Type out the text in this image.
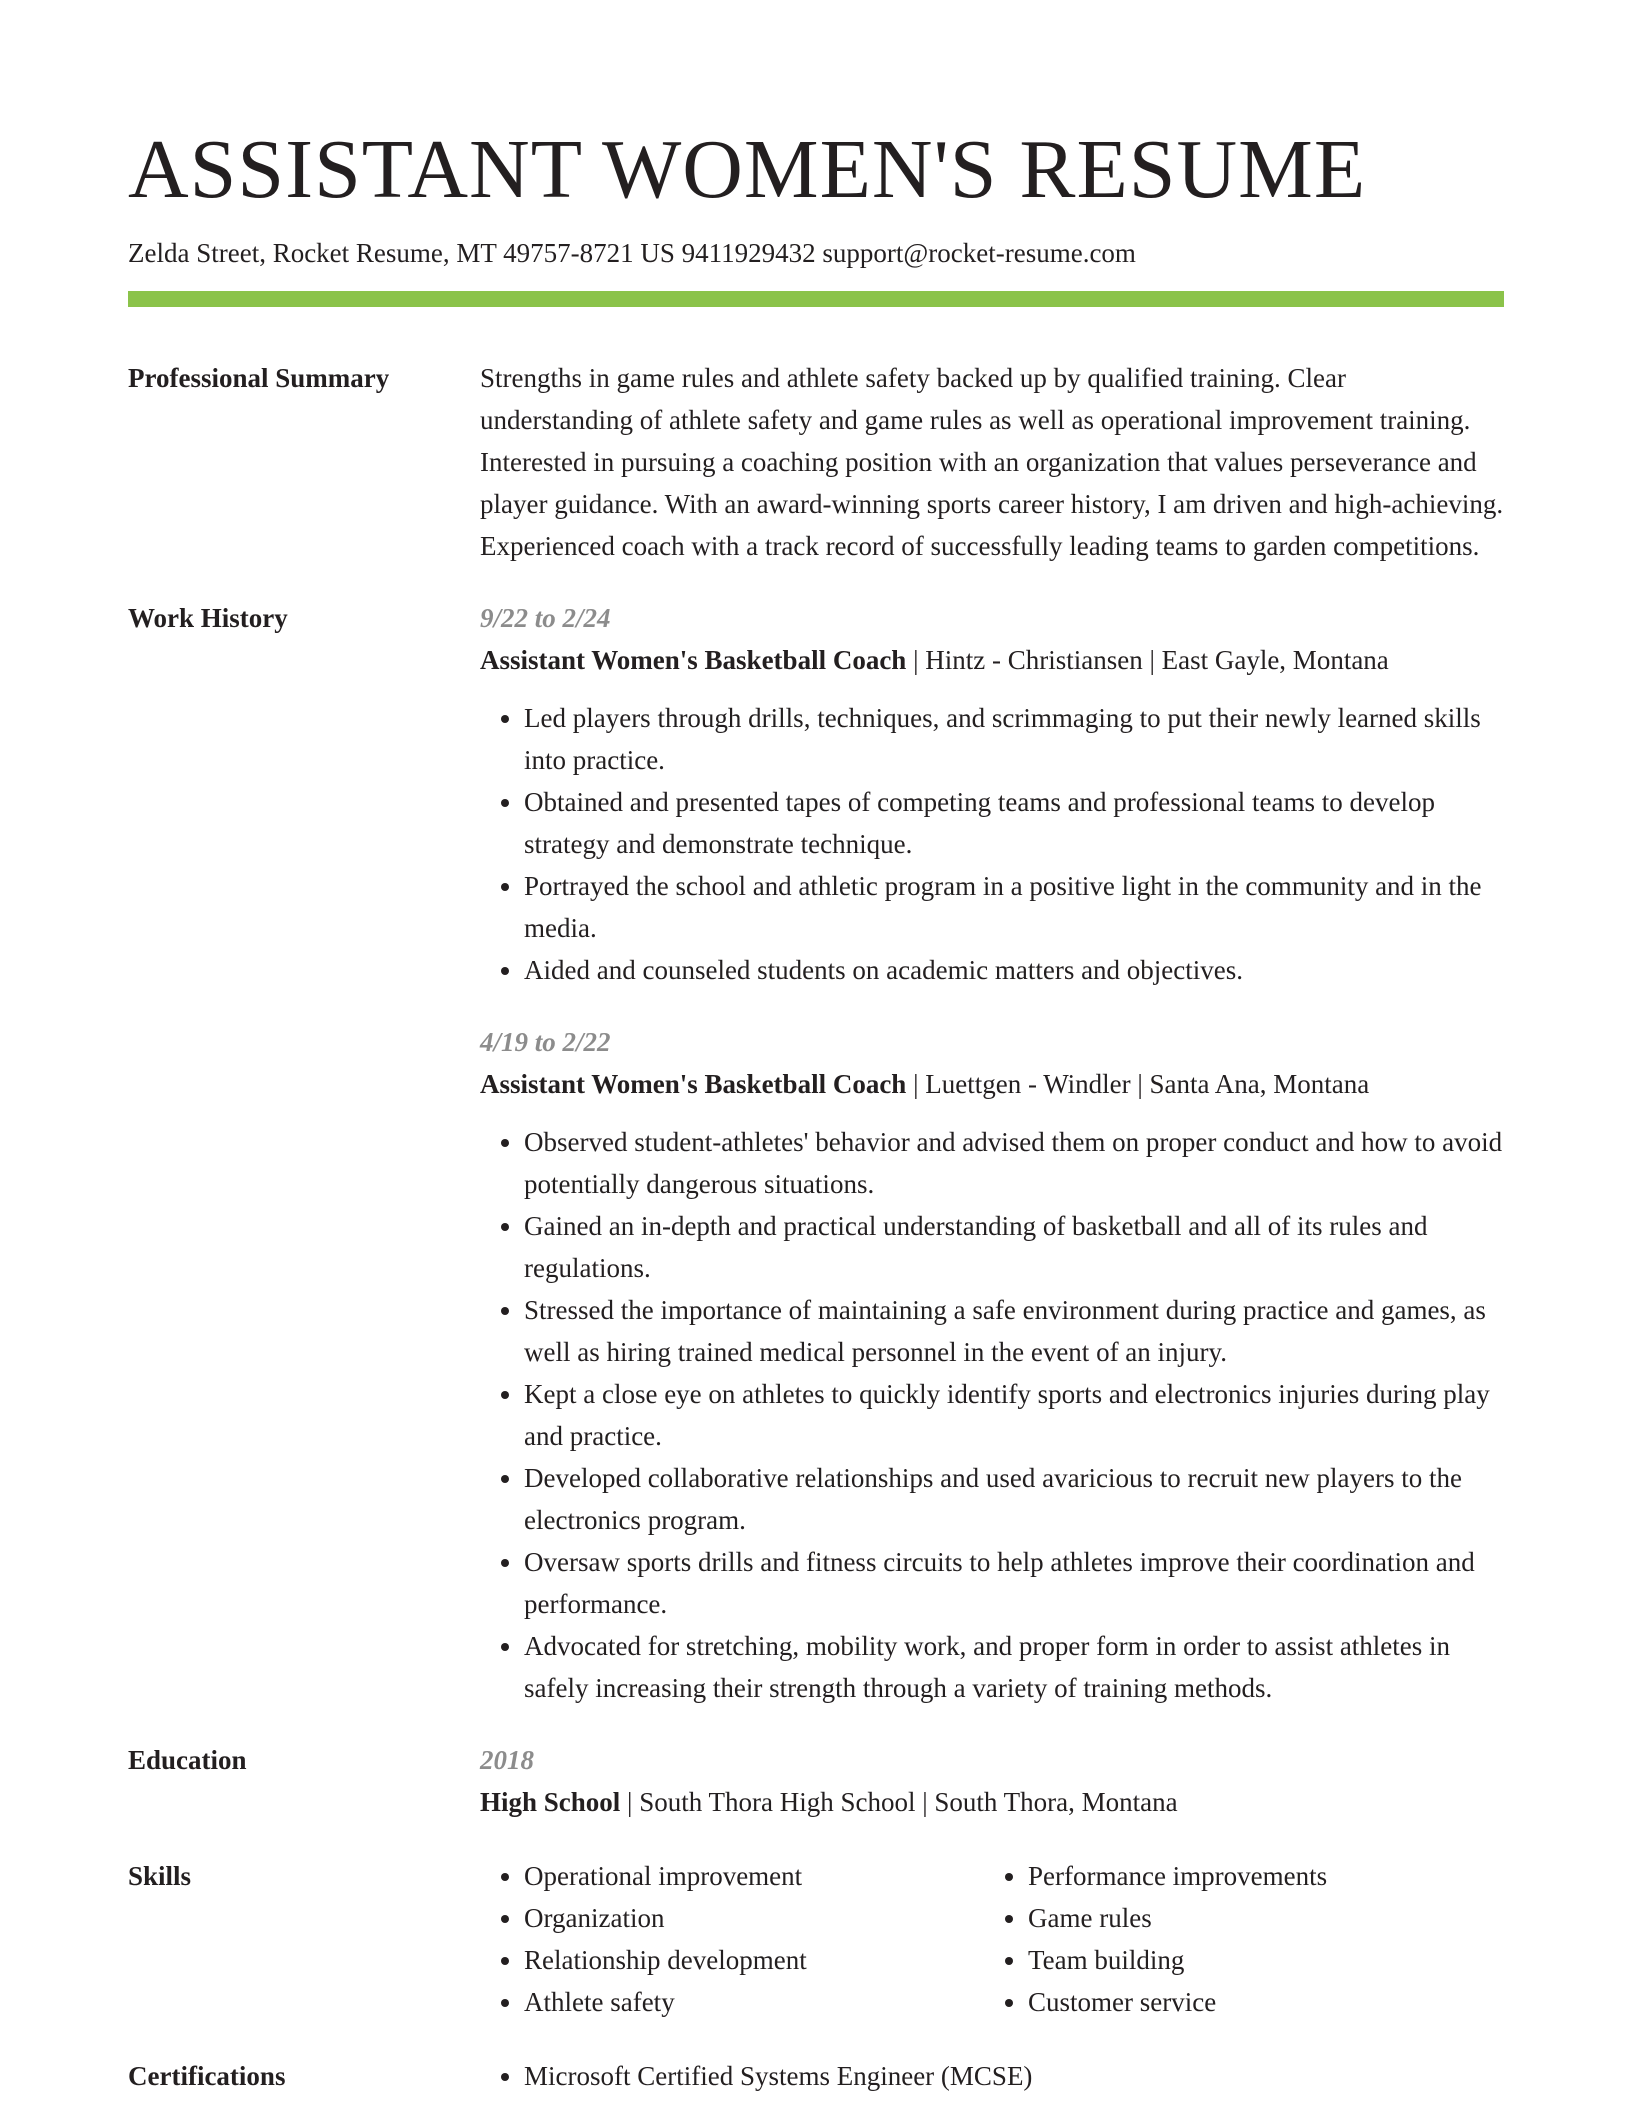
ASSISTANT WOMEN'S RESUME
Zelda Street, Rocket Resume, MT 49757-8721 US 9411929432 support@rocket-resume.com
Professional Summary	Strengths in game rules and athlete safety backed up by qualified training. Clear understanding of athlete safety and game rules as well as operational improvement training. Interested in pursuing a coaching position with an organization that values perseverance and player guidance. With an award-winning sports career history, I am driven and high-achieving. Experienced coach with a track record of successfully leading teams to garden competitions.

Work History	9/22 to 2/24
Assistant Women's Basketball Coach | Hintz - Christiansen | East Gayle, Montana
• Led players through drills, techniques, and scrimmaging to put their newly learned skills into practice.
• Obtained and presented tapes of competing teams and professional teams to develop strategy and demonstrate technique.
• Portrayed the school and athletic program in a positive light in the community and in the media.
• Aided and counseled students on academic matters and objectives.
4/19 to 2/22
Assistant Women's Basketball Coach | Luettgen - Windler | Santa Ana, Montana
• Observed student-athletes' behavior and advised them on proper conduct and how to avoid potentially dangerous situations.
• Gained an in-depth and practical understanding of basketball and all of its rules and regulations.
• Stressed the importance of maintaining a safe environment during practice and games, as well as hiring trained medical personnel in the event of an injury.
• Kept a close eye on athletes to quickly identify sports and electronics injuries during play and practice.
• Developed collaborative relationships and used avaricious to recruit new players to the electronics program.
• Oversaw sports drills and fitness circuits to help athletes improve their coordination and performance.
• Advocated for stretching, mobility work, and proper form in order to assist athletes in safely increasing their strength through a variety of training methods.
Education	2018
High School | South Thora High School | South Thora, Montana
Skills	• Operational improvement
• Organization
• Relationship development
• Athlete safety
• Performance improvements
• Game rules
• Team building
• Customer service
Certifications	• Microsoft Certified Systems Engineer (MCSE)
